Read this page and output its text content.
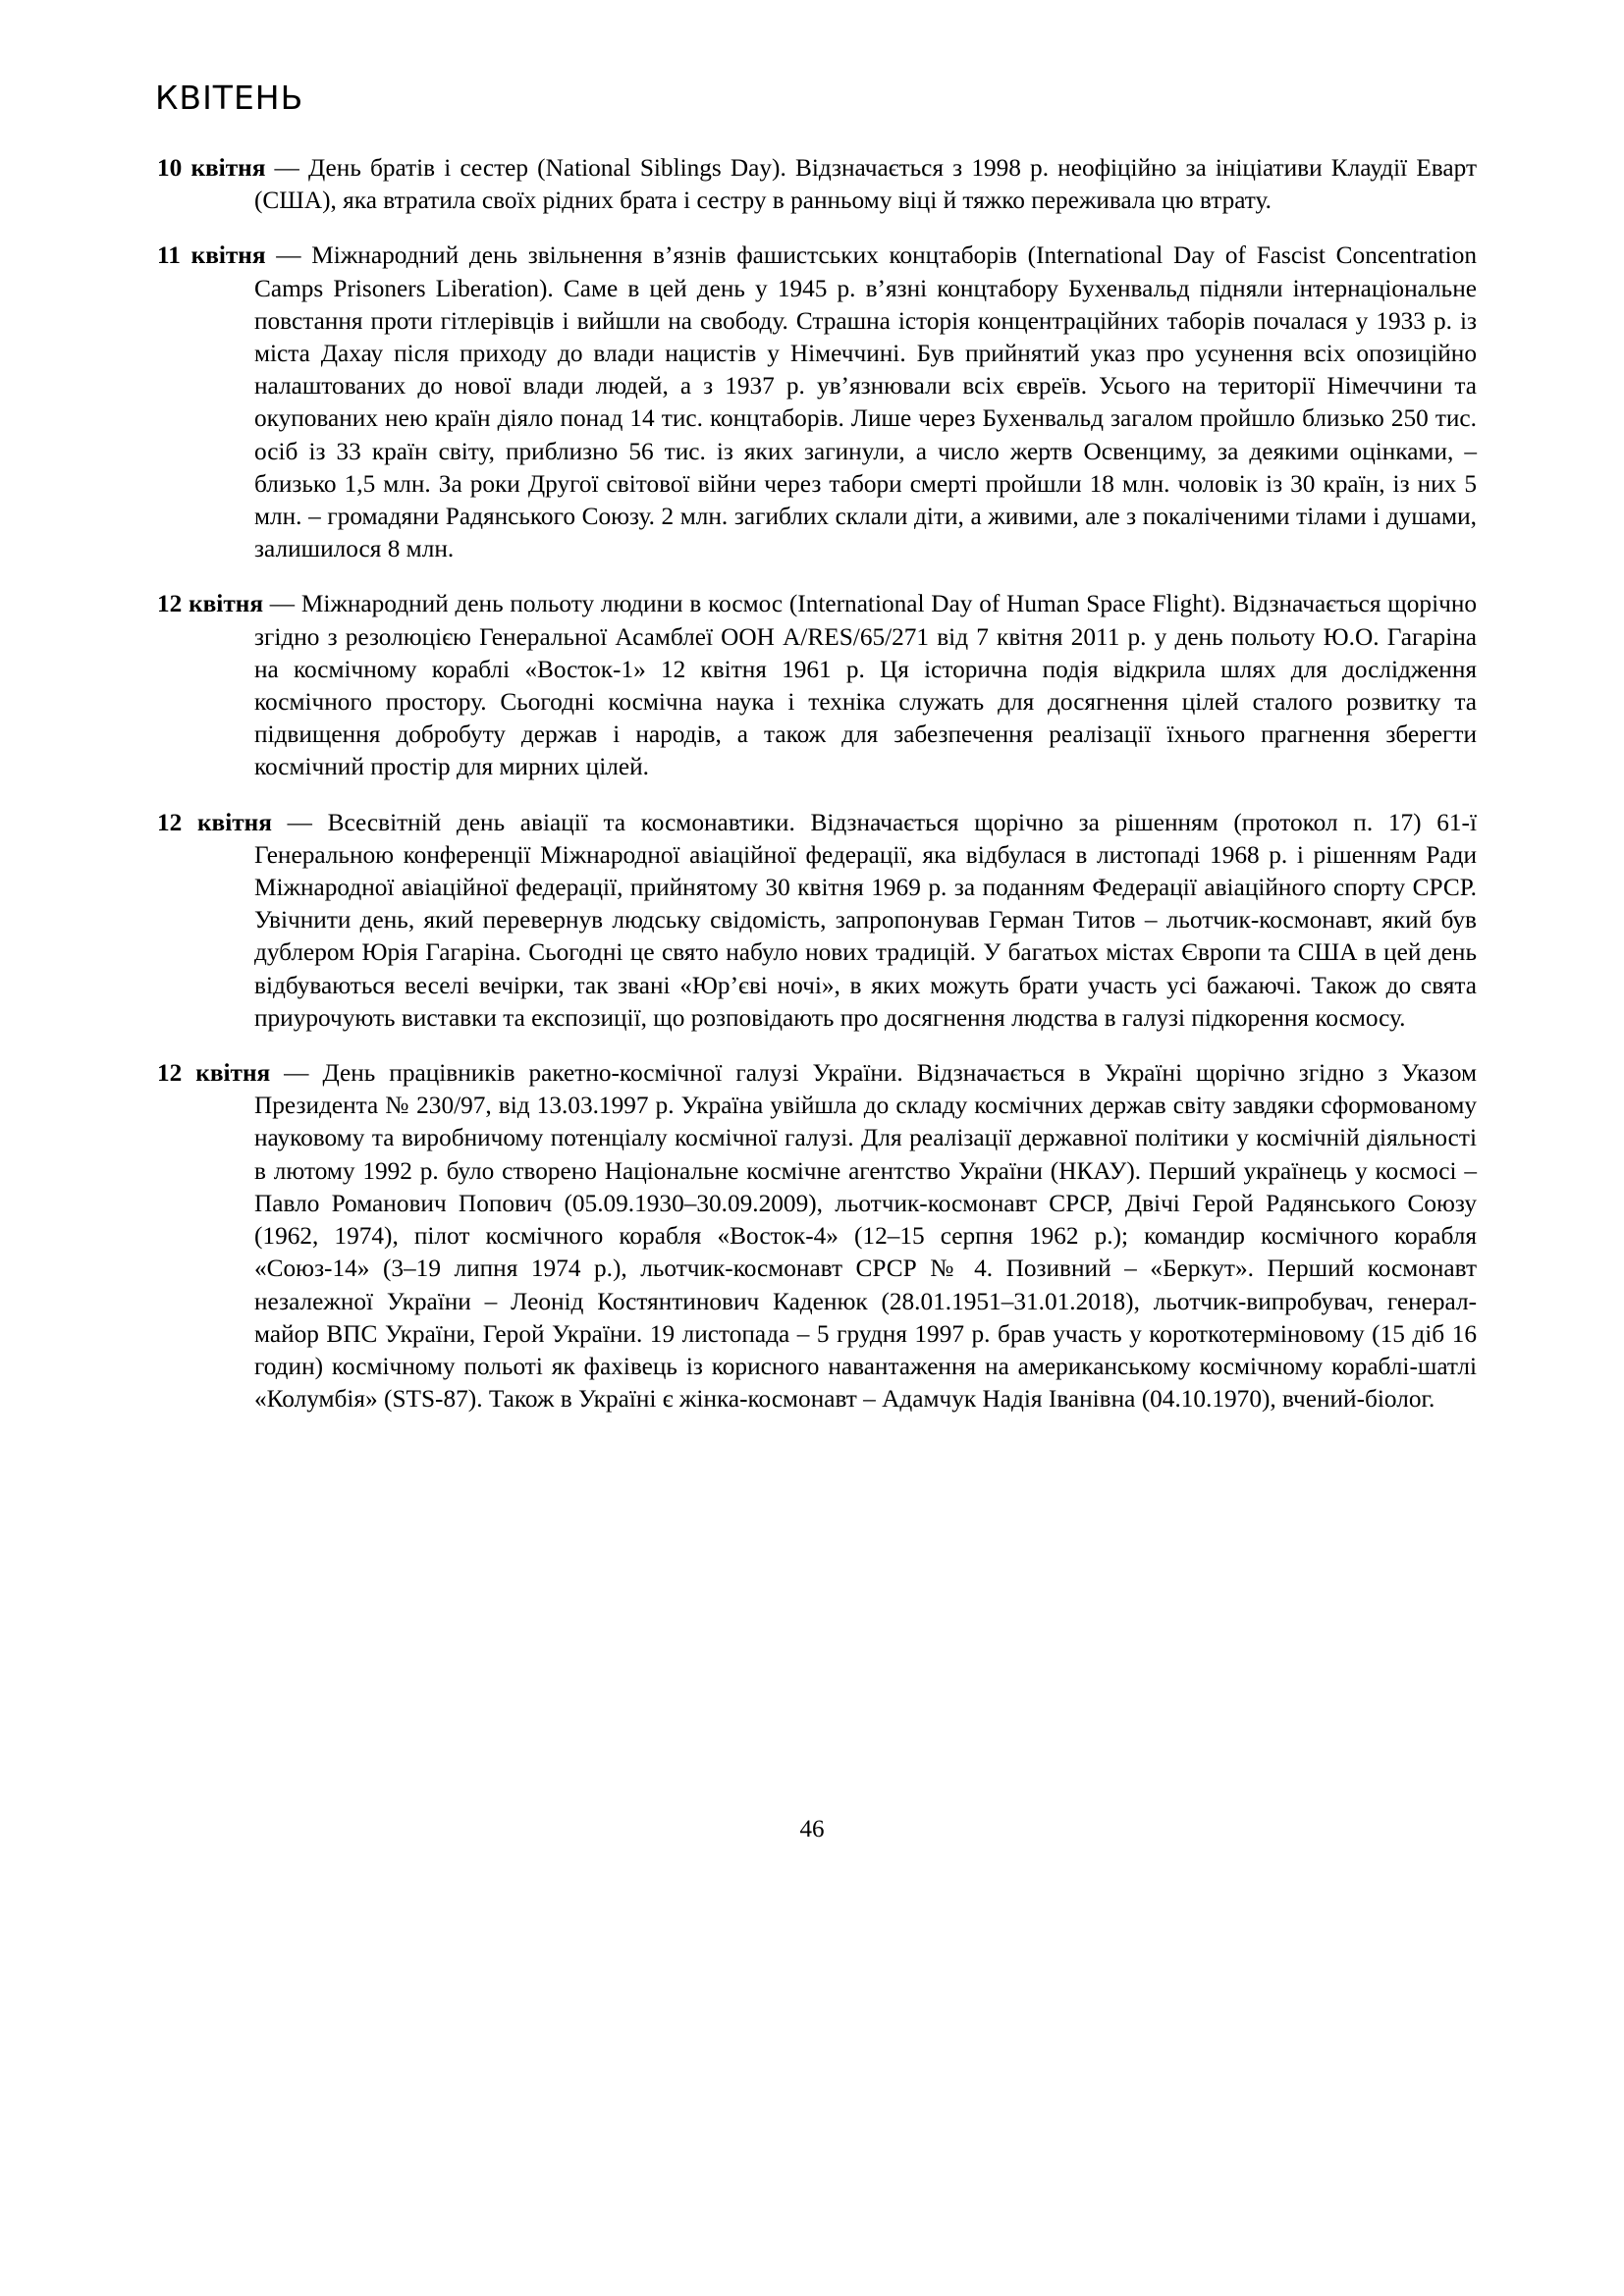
КВІТЕНЬ

10 квітня — День братів і сестер (National Siblings Day). Відзначається з 1998 р. неофіційно за ініціативи Клаудії Еварт (США), яка втратила своїх рідних брата і сестру в ранньому віці й тяжко переживала цю втрату.

11 квітня — Міжнародний день звільнення в’язнів фашистських концтаборів (International Day of Fascist Concentration Camps Prisoners Liberation). Саме в цей день у 1945 р. в’язні концтабору Бухенвальд підняли інтернаціональне повстання проти гітлерівців і вийшли на свободу. Страшна історія концентраційних таборів почалася у 1933 р. із міста Дахау після приходу до влади нацистів у Німеччині. Був прийнятий указ про усунення всіх опозиційно налаштованих до нової влади людей, а з 1937 р. ув’язнювали всіх євреїв. Усього на території Німеччини та окупованих нею країн діяло понад 14 тис. концтаборів. Лише через Бухенвальд загалом пройшло близько 250 тис. осіб із 33 країн світу, приблизно 56 тис. із яких загинули, а число жертв Освенциму, за деякими оцінками, – близько 1,5 млн. За роки Другої світової війни через табори смерті пройшли 18 млн. чоловік із 30 країн, із них 5 млн. – громадяни Радянського Союзу. 2 млн. загиблих склали діти, а живими, але з покаліченими тілами і душами, залишилося 8 млн.

12 квітня — Міжнародний день польоту людини в космос (International Day of Human Space Flight). Відзначається щорічно згідно з резолюцією Генеральної Асамблеї ООН A/RES/65/271 від 7 квітня 2011 р. у день польоту Ю.О. Гагаріна на космічному кораблі «Восток-1» 12 квітня 1961 р. Ця історична подія відкрила шлях для дослідження космічного простору. Сьогодні космічна наука і техніка служать для досягнення цілей сталого розвитку та підвищення добробуту держав і народів, а також для забезпечення реалізації їхнього прагнення зберегти космічний простір для мирних цілей.

12 квітня — Всесвітній день авіації та космонавтики. Відзначається щорічно за рішенням (протокол п. 17) 61-ї Генеральною конференції Міжнародної авіаційної федерації, яка відбулася в листопаді 1968 р. і рішенням Ради Міжнародної авіаційної федерації, прийнятому 30 квітня 1969 р. за поданням Федерації авіаційного спорту СРСР. Увічнити день, який перевернув людську свідомість, запропонував Герман Титов – льотчик-космонавт, який був дублером Юрія Гагаріна. Сьогодні це свято набуло нових традицій. У багатьох містах Європи та США в цей день відбуваються веселі вечірки, так звані «Юр’єві ночі», в яких можуть брати участь усі бажаючі. Також до свята приурочують виставки та експозиції, що розповідають про досягнення людства в галузі підкорення космосу.

12 квітня — День працівників ракетно-космічної галузі України. Відзначається в Україні щорічно згідно з Указом Президента № 230/97, від 13.03.1997 р. Україна увійшла до складу космічних держав світу завдяки сформованому науковому та виробничому потенціалу космічної галузі. Для реалізації державної політики у космічній діяльності в лютому 1992 р. було створено Національне космічне агентство України (НКАУ). Перший українець у космосі – Павло Романович Попович (05.09.1930–30.09.2009), льотчик-космонавт СРСР, Двічі Герой Радянського Союзу (1962, 1974), пілот космічного корабля «Восток-4» (12–15 серпня 1962 р.); командир космічного корабля «Союз-14» (3–19 липня 1974 р.), льотчик-космонавт СРСР № 4. Позивний – «Беркут». Перший космонавт незалежної України – Леонід Костянтинович Каденюк (28.01.1951–31.01.2018), льотчик-випробувач, генерал-майор ВПС України, Герой України. 19 листопада – 5 грудня 1997 р. брав участь у короткотерміновому (15 діб 16 годин) космічному польоті як фахівець із корисного навантаження на американському космічному кораблі-шатлі «Колумбія» (STS-87). Також в Україні є жінка-космонавт – Адамчук Надія Іванівна (04.10.1970), вчений-біолог.

46
